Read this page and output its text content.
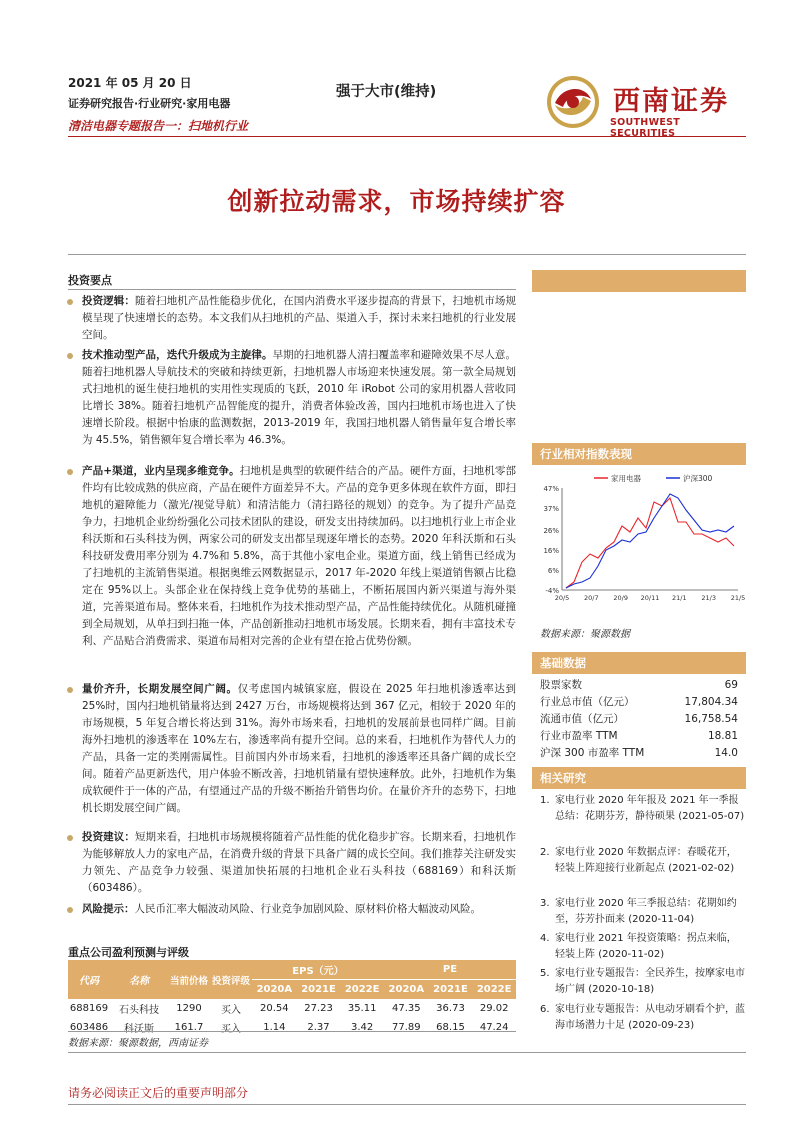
2021 年 05 月 20 日
证券研究报告·行业研究·家用电器
清洁电器专题报告一：扫地机行业
强于大市(维持)	西南证券
SOUTHWEST SECURITIES
创新拉动需求，市场持续扩容
投资要点

投资逻辑：随着扫地机产品性能稳步优化，在国内消费水平逐步提高的背景下，扫地机市场规模呈现了快速增长的态势。本文我们从扫地机的产品、渠道入手，探讨未来扫地机的行业发展空间。

技术推动型产品，迭代升级成为主旋律。早期的扫地机器人清扫覆盖率和避障效果不尽人意。随着扫地机器人导航技术的突破和持续更新，扫地机器人市场迎来快速发展。第一款全局规划式扫地机的诞生使扫地机的实用性实现质的飞跃，2010 年 iRobot 公司的家用机器人营收同比增长 38%。随着扫地机产品智能度的提升，消费者体验改善，国内扫地机市场也进入了快速增长阶段。根据中怡康的监测数据，2013-2019 年，我国扫地机器人销售量年复合增长率为 45.5%，销售额年复合增长率为 46.3%。

产品+渠道，业内呈现多维竞争。扫地机是典型的软硬件结合的产品。硬件方面，扫地机零部件均有比较成熟的供应商，产品在硬件方面差异不大。产品的竞争更多体现在软件方面，即扫地机的避障能力（激光/视觉导航）和清洁能力（清扫路径的规划）的竞争。为了提升产品竞争力，扫地机企业纷纷强化公司技术团队的建设，研发支出持续加码。以扫地机行业上市企业科沃斯和石头科技为例，两家公司的研发支出都呈现逐年增长的态势。2020 年科沃斯和石头科技研发费用率分别为 4.7%和 5.8%，高于其他小家电企业。渠道方面，线上销售已经成为了扫地机的主流销售渠道。根据奥维云网数据显示，2017 年-2020 年线上渠道销售额占比稳定在 95%以上。头部企业在保持线上竞争优势的基础上，不断拓展国内新兴渠道与海外渠道，完善渠道布局。整体来看，扫地机作为技术推动型产品，产品性能持续优化。从随机碰撞到全局规划，从单扫到扫拖一体，产品创新推动扫地机市场发展。长期来看，拥有丰富技术专利、产品贴合消费需求、渠道布局相对完善的企业有望在抢占优势份额。

量价齐升，长期发展空间广阔。仅考虑国内城镇家庭，假设在 2025 年扫地机渗透率达到 25%时，国内扫地机销量将达到 2427 万台，市场规模将达到 367 亿元，相较于 2020 年的市场规模，5 年复合增长将达到 31%。海外市场来看，扫地机的发展前景也同样广阔。目前海外扫地机的渗透率在 10%左右，渗透率尚有提升空间。总的来看，扫地机作为替代人力的产品，具备一定的类刚需属性。目前国内外市场来看，扫地机的渗透率还具备广阔的成长空间。随着产品更新迭代，用户体验不断改善，扫地机销量有望快速释放。此外，扫地机作为集成软硬件于一体的产品，有望通过产品的升级不断抬升销售均价。在量价齐升的态势下，扫地机长期发展空间广阔。

投资建议：短期来看，扫地机市场规模将随着产品性能的优化稳步扩容。长期来看，扫地机作为能够解放人力的家电产品，在消费升级的背景下具备广阔的成长空间。我们推荐关注研发实力领先、产品竞争力较强、渠道加快拓展的扫地机企业石头科技（688169）和科沃斯（603486）。

风险提示：人民币汇率大幅波动风险、行业竞争加剧风险、原材料价格大幅波动风险。

重点公司盈利预测与评级
代码	名称	当前价格	投资评级	EPS（元）			PE		
				2020A	2021E	2022E	2020A	2021E	2022E
688169	石头科技	1290	买入	20.54	27.23	35.11	47.35	36.73	29.02
603486	科沃斯	161.7	买入	1.14	2.37	3.42	77.89	68.15	47.24
数据来源：聚源数据，西南证券
行业相对指数表现
47%
37%
26%
16%
6%
-4%
20/5 20/7 20/9 20/11 21/1 21/3 21/5
家用电器	沪深300
数据来源：聚源数据
基础数据
股票家数	69
行业总市值（亿元）	17,804.34
流通市值（亿元）	16,758.54
行业市盈率 TTM	18.81
沪深 300 市盈率 TTM	14.0
相关研究
1. 家电行业 2020 年年报及 2021 年一季报总结：花期芬芳，静待硕果 (2021-05-07)
2. 家电行业 2020 年数据点评：春暖花开，轻装上阵迎接行业新起点 (2021-02-02)
3. 家电行业 2020 年三季报总结：花期如约至，芬芳扑面来 (2020-11-04)
4. 家电行业 2021 年投资策略：拐点来临，轻装上阵 (2020-11-02)
5. 家电行业专题报告：全民养生，按摩家电市场广阔 (2020-10-18)
6. 家电行业专题报告：从电动牙刷看个护，蓝海市场潜力十足 (2020-09-23)
请务必阅读正文后的重要声明部分
